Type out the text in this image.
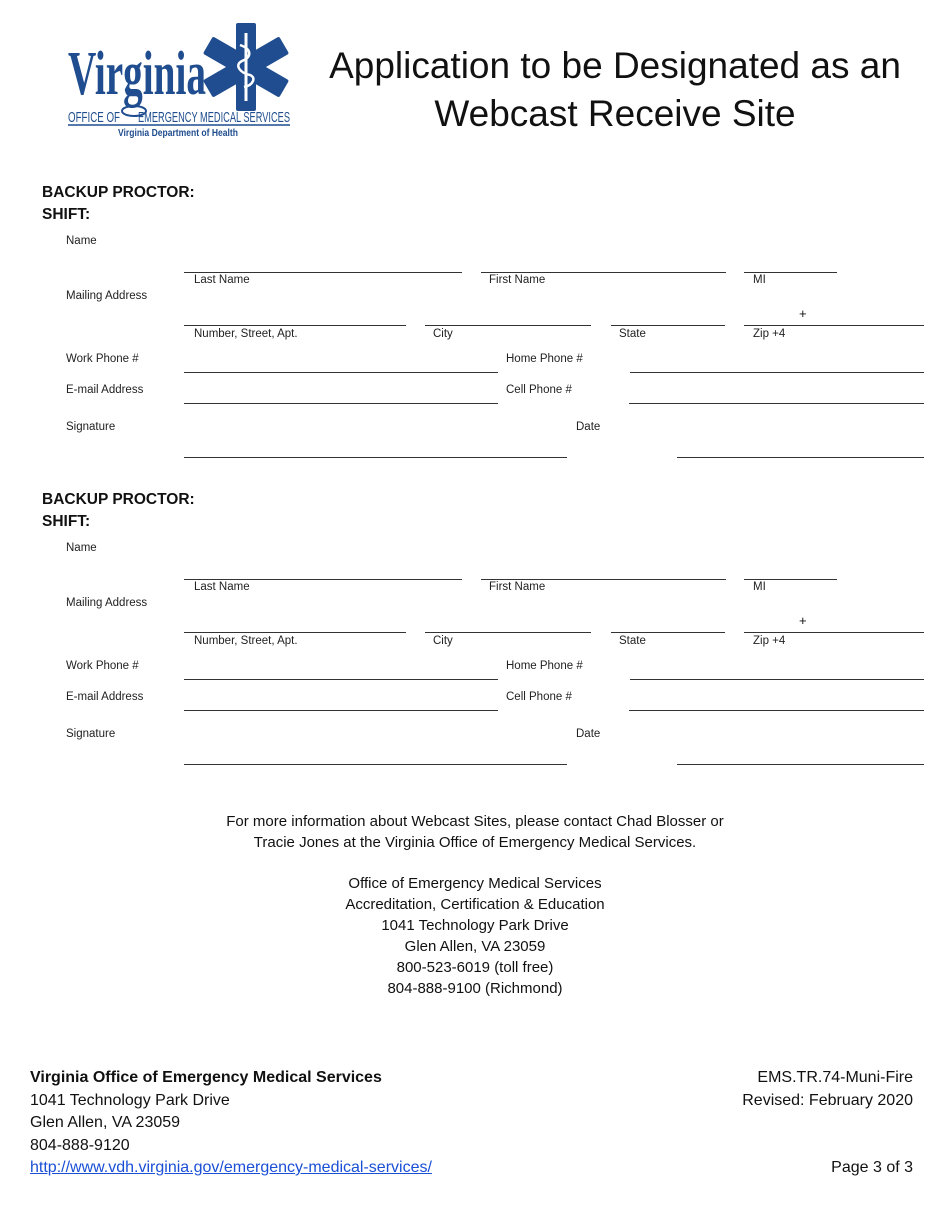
Virginia
OFFICE OF EMERGENCY MEDICAL SERVICES
Virginia Department of Health
Application to be Designated as an
Webcast Receive Site
BACKUP PROCTOR:
SHIFT:
Name
Last Name	First Name	MI
Mailing Address
+
Number, Street, Apt.	City	State	Zip +4
Work Phone #	Home Phone #
E-mail Address	Cell Phone #
Signature	Date
BACKUP PROCTOR:
SHIFT:
Name
Last Name	First Name	MI
Mailing Address
+
Number, Street, Apt.	City	State	Zip +4
Work Phone #	Home Phone #
E-mail Address	Cell Phone #
Signature	Date
For more information about Webcast Sites, please contact Chad Blosser or
Tracie Jones at the Virginia Office of Emergency Medical Services.
Office of Emergency Medical Services
Accreditation, Certification & Education
1041 Technology Park Drive
Glen Allen, VA 23059
800-523-6019 (toll free)
804-888-9100 (Richmond)
Virginia Office of Emergency Medical Services
1041 Technology Park Drive
Glen Allen, VA 23059
804-888-9120
http://www.vdh.virginia.gov/emergency-medical-services/
EMS.TR.74-Muni-Fire
Revised: February 2020
Page 3 of 3
